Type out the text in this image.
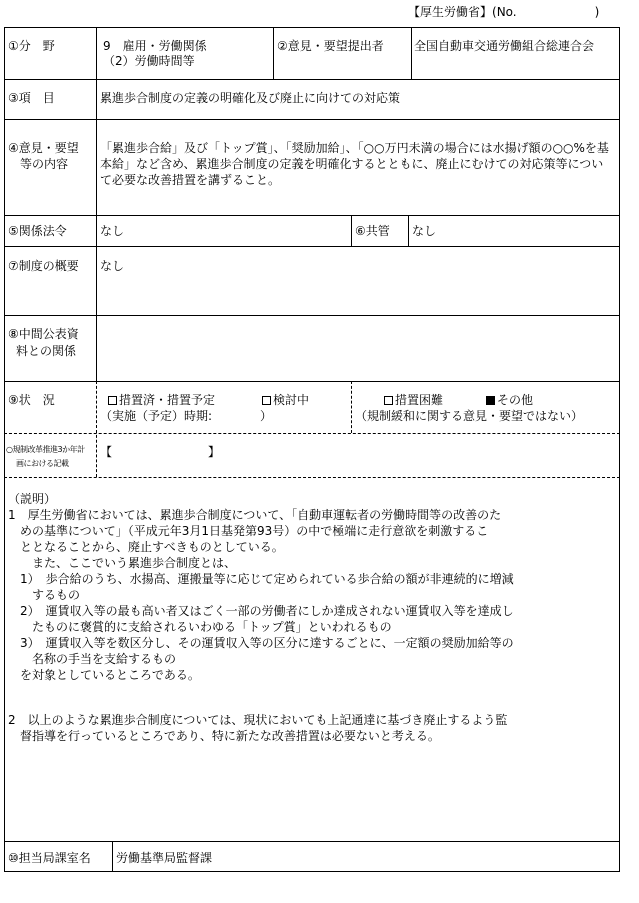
【厚生労働省】(No.	)
①分　野	9　雇用・労働関係
（2）労働時間等
②意見・要望提出者	全国自動車交通労働組合総連合会
③項　目	累進歩合制度の定義の明確化及び廃止に向けての対応策
④意見・要望
等の内容
「累進歩合給」及び「トップ賞」、「奨励加給」、「○○万円未満の場合には水揚げ額の○○%を基本給」など含め、累進歩合制度の定義を明確化するとともに、廃止にむけての対応策等について必要な改善措置を講ずること。
⑤関係法令	なし	⑥共管 なし
⑦制度の概要 なし
⑧中間公表資
料との関係
⑨状　況	措置済・措置予定	検討中
（実施（予定）時期:　　　　）
措置困難	その他
（規制緩和に関する意見・要望ではない）
○規制改革推進3か年計
画における記載
【　　　　　　　　】
（説明）
1　厚生労働省においては、累進歩合制度について、「自動車運転者の労働時間等の改善のた
　めの基準について」（平成元年3月1日基発第93号）の中で極端に走行意欲を刺激するこ
　ととなることから、廃止すべきものとしている。
　　また、ここでいう累進歩合制度とは、
　1）　歩合給のうち、水揚高、運搬量等に応じて定められている歩合給の額が非連続的に増減
　　するもの
　2）　運賃収入等の最も高い者又はごく一部の労働者にしか達成されない運賃収入等を達成し
　　たものに褒賞的に支給されるいわゆる「トップ賞」といわれるもの
　3）　運賃収入等を数区分し、その運賃収入等の区分に達するごとに、一定額の奨励加給等の
　　名称の手当を支給するもの
　を対象としているところである。
2　以上のような累進歩合制度については、現状においても上記通達に基づき廃止するよう監
　督指導を行っているところであり、特に新たな改善措置は必要ないと考える。
⑩担当局課室名 労働基準局監督課
